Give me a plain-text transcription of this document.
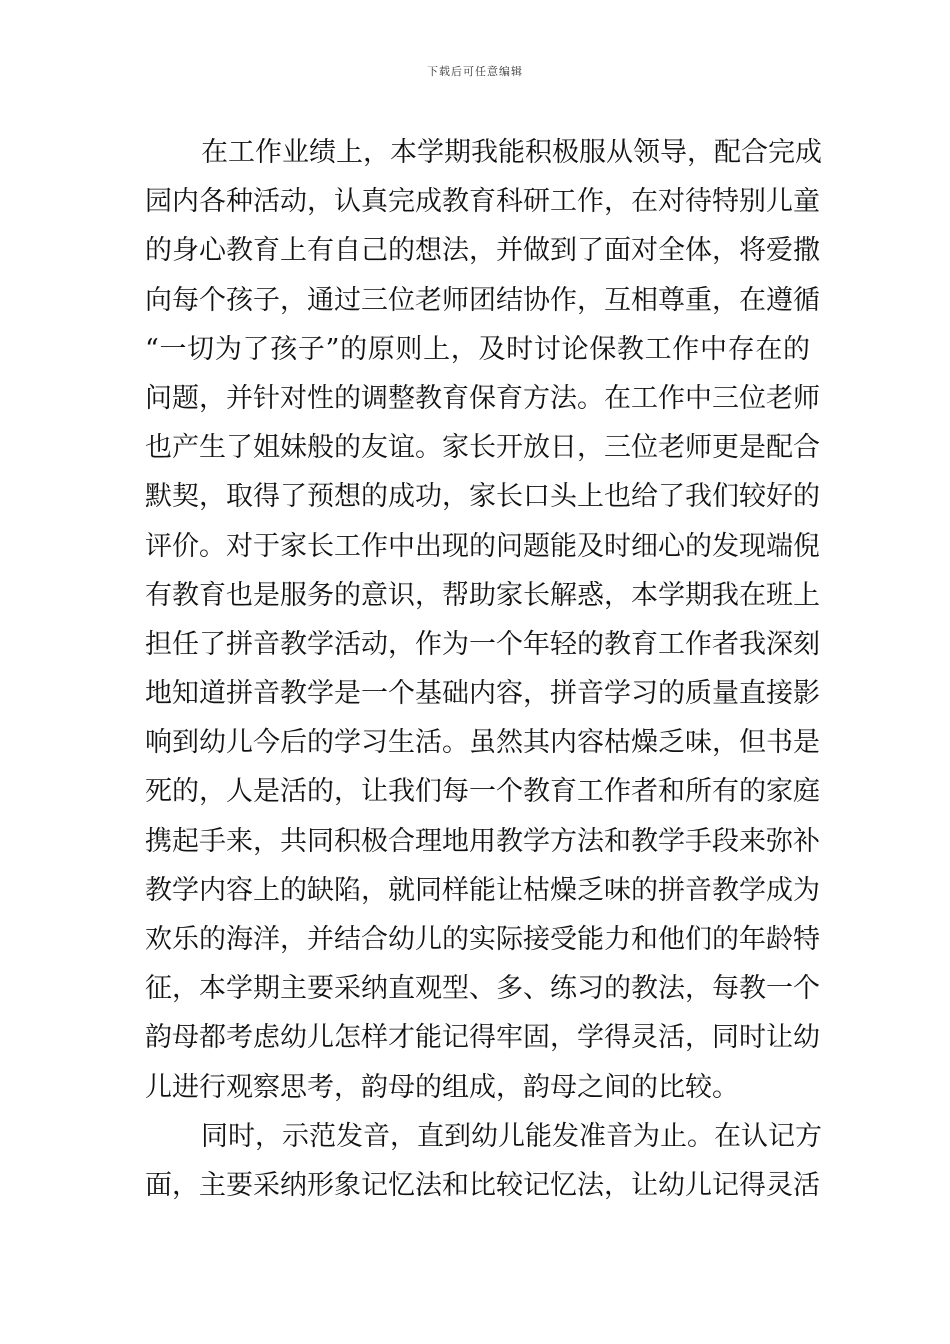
下载后可任意编辑
在工作业绩上，本学期我能积极服从领导，配合完成
园内各种活动，认真完成教育科研工作，在对待特别儿童
的身心教育上有自己的想法，并做到了面对全体，将爱撒
向每个孩子，通过三位老师团结协作，互相尊重，在遵循
“一切为了孩子”的原则上，及时讨论保教工作中存在的
问题，并针对性的调整教育保育方法。在工作中三位老师
也产生了姐妹般的友谊。家长开放日，三位老师更是配合
默契，取得了预想的成功，家长口头上也给了我们较好的
评价。对于家长工作中出现的问题能及时细心的发现端倪
有教育也是服务的意识，帮助家长解惑，本学期我在班上
担任了拼音教学活动，作为一个年轻的教育工作者我深刻
地知道拼音教学是一个基础内容，拼音学习的质量直接影
响到幼儿今后的学习生活。虽然其内容枯燥乏味，但书是
死的，人是活的，让我们每一个教育工作者和所有的家庭
携起手来，共同积极合理地用教学方法和教学手段来弥补
教学内容上的缺陷，就同样能让枯燥乏味的拼音教学成为
欢乐的海洋，并结合幼儿的实际接受能力和他们的年龄特
征，本学期主要采纳直观型、多、练习的教法，每教一个
韵母都考虑幼儿怎样才能记得牢固，学得灵活，同时让幼
儿进行观察思考，韵母的组成，韵母之间的比较。
同时，示范发音，直到幼儿能发准音为止。在认记方
面，主要采纳形象记忆法和比较记忆法，让幼儿记得灵活
